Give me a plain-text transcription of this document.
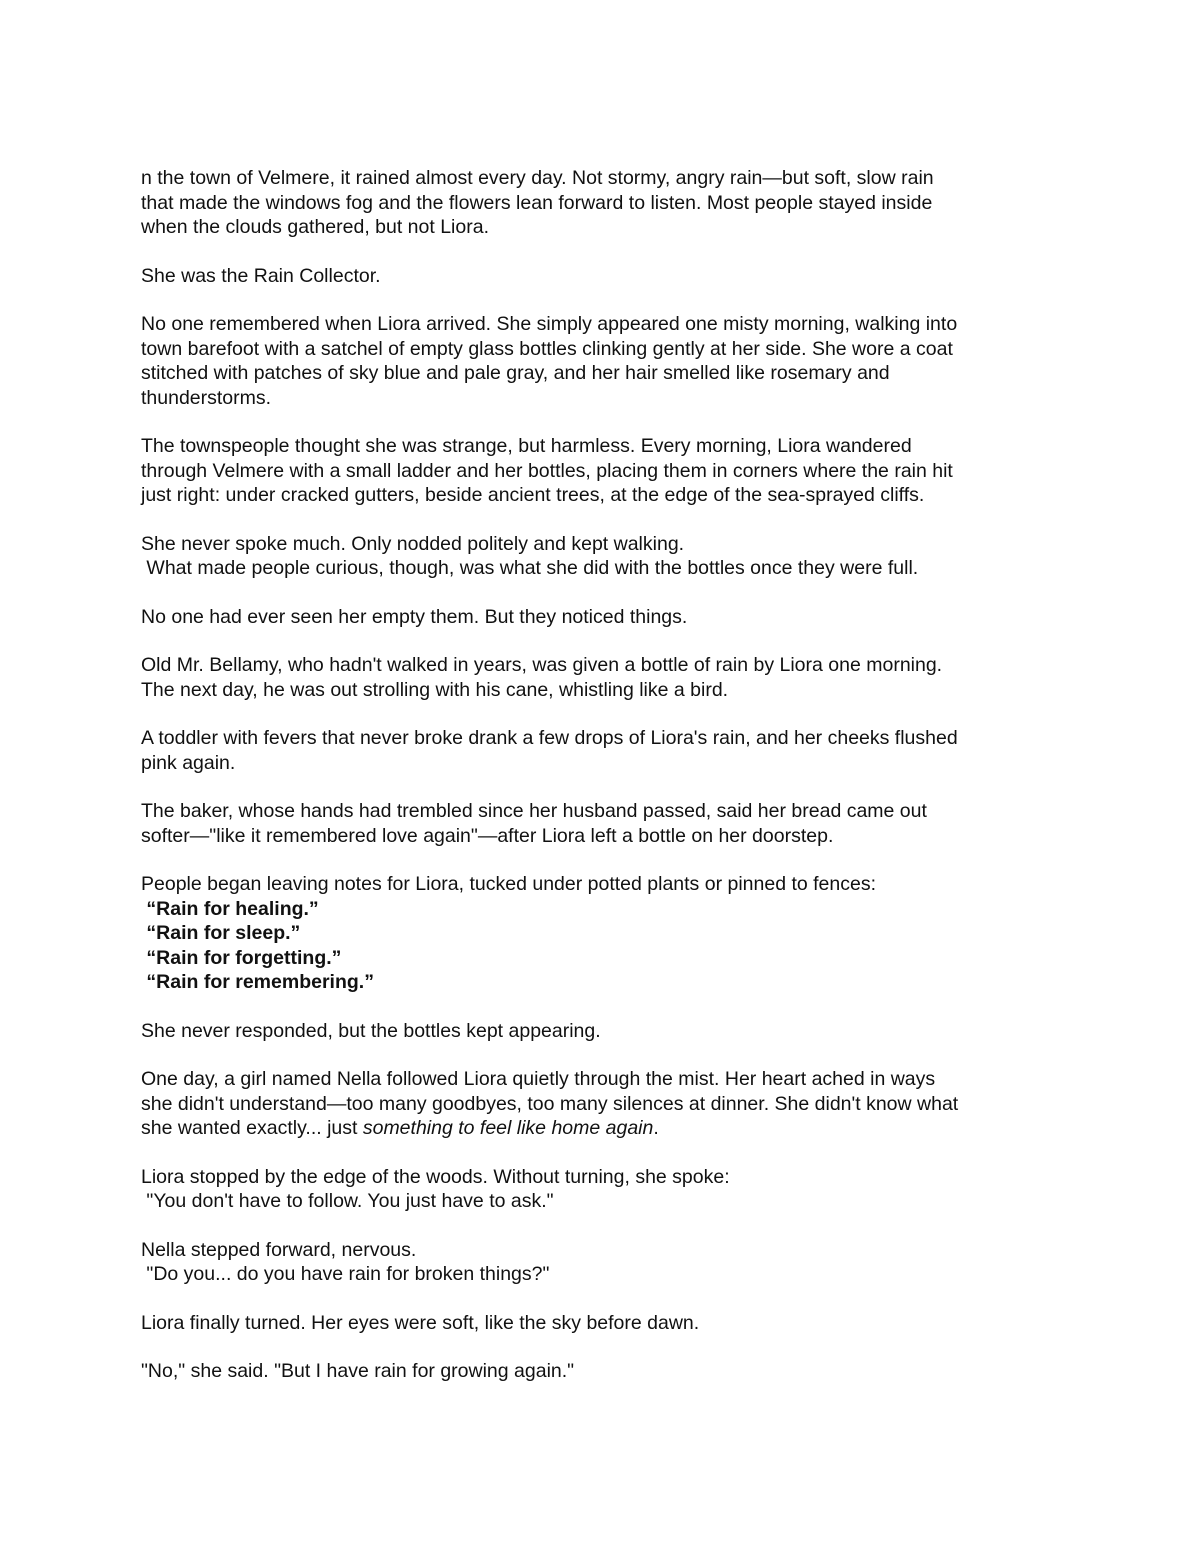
n the town of Velmere, it rained almost every day. Not stormy, angry rain—but soft, slow rain
that made the windows fog and the flowers lean forward to listen. Most people stayed inside
when the clouds gathered, but not Liora.

She was the Rain Collector.

No one remembered when Liora arrived. She simply appeared one misty morning, walking into
town barefoot with a satchel of empty glass bottles clinking gently at her side. She wore a coat
stitched with patches of sky blue and pale gray, and her hair smelled like rosemary and
thunderstorms.

The townspeople thought she was strange, but harmless. Every morning, Liora wandered
through Velmere with a small ladder and her bottles, placing them in corners where the rain hit
just right: under cracked gutters, beside ancient trees, at the edge of the sea-sprayed cliffs.

She never spoke much. Only nodded politely and kept walking.
What made people curious, though, was what she did with the bottles once they were full.

No one had ever seen her empty them. But they noticed things.

Old Mr. Bellamy, who hadn't walked in years, was given a bottle of rain by Liora one morning.
The next day, he was out strolling with his cane, whistling like a bird.

A toddler with fevers that never broke drank a few drops of Liora's rain, and her cheeks flushed
pink again.

The baker, whose hands had trembled since her husband passed, said her bread came out
softer—"like it remembered love again"—after Liora left a bottle on her doorstep.

People began leaving notes for Liora, tucked under potted plants or pinned to fences:
“Rain for healing.”
“Rain for sleep.”
“Rain for forgetting.”
“Rain for remembering.”

She never responded, but the bottles kept appearing.

One day, a girl named Nella followed Liora quietly through the mist. Her heart ached in ways
she didn't understand—too many goodbyes, too many silences at dinner. She didn't know what
she wanted exactly... just something to feel like home again.

Liora stopped by the edge of the woods. Without turning, she spoke:
"You don't have to follow. You just have to ask."

Nella stepped forward, nervous.
"Do you... do you have rain for broken things?"

Liora finally turned. Her eyes were soft, like the sky before dawn.

"No," she said. "But I have rain for growing again."
